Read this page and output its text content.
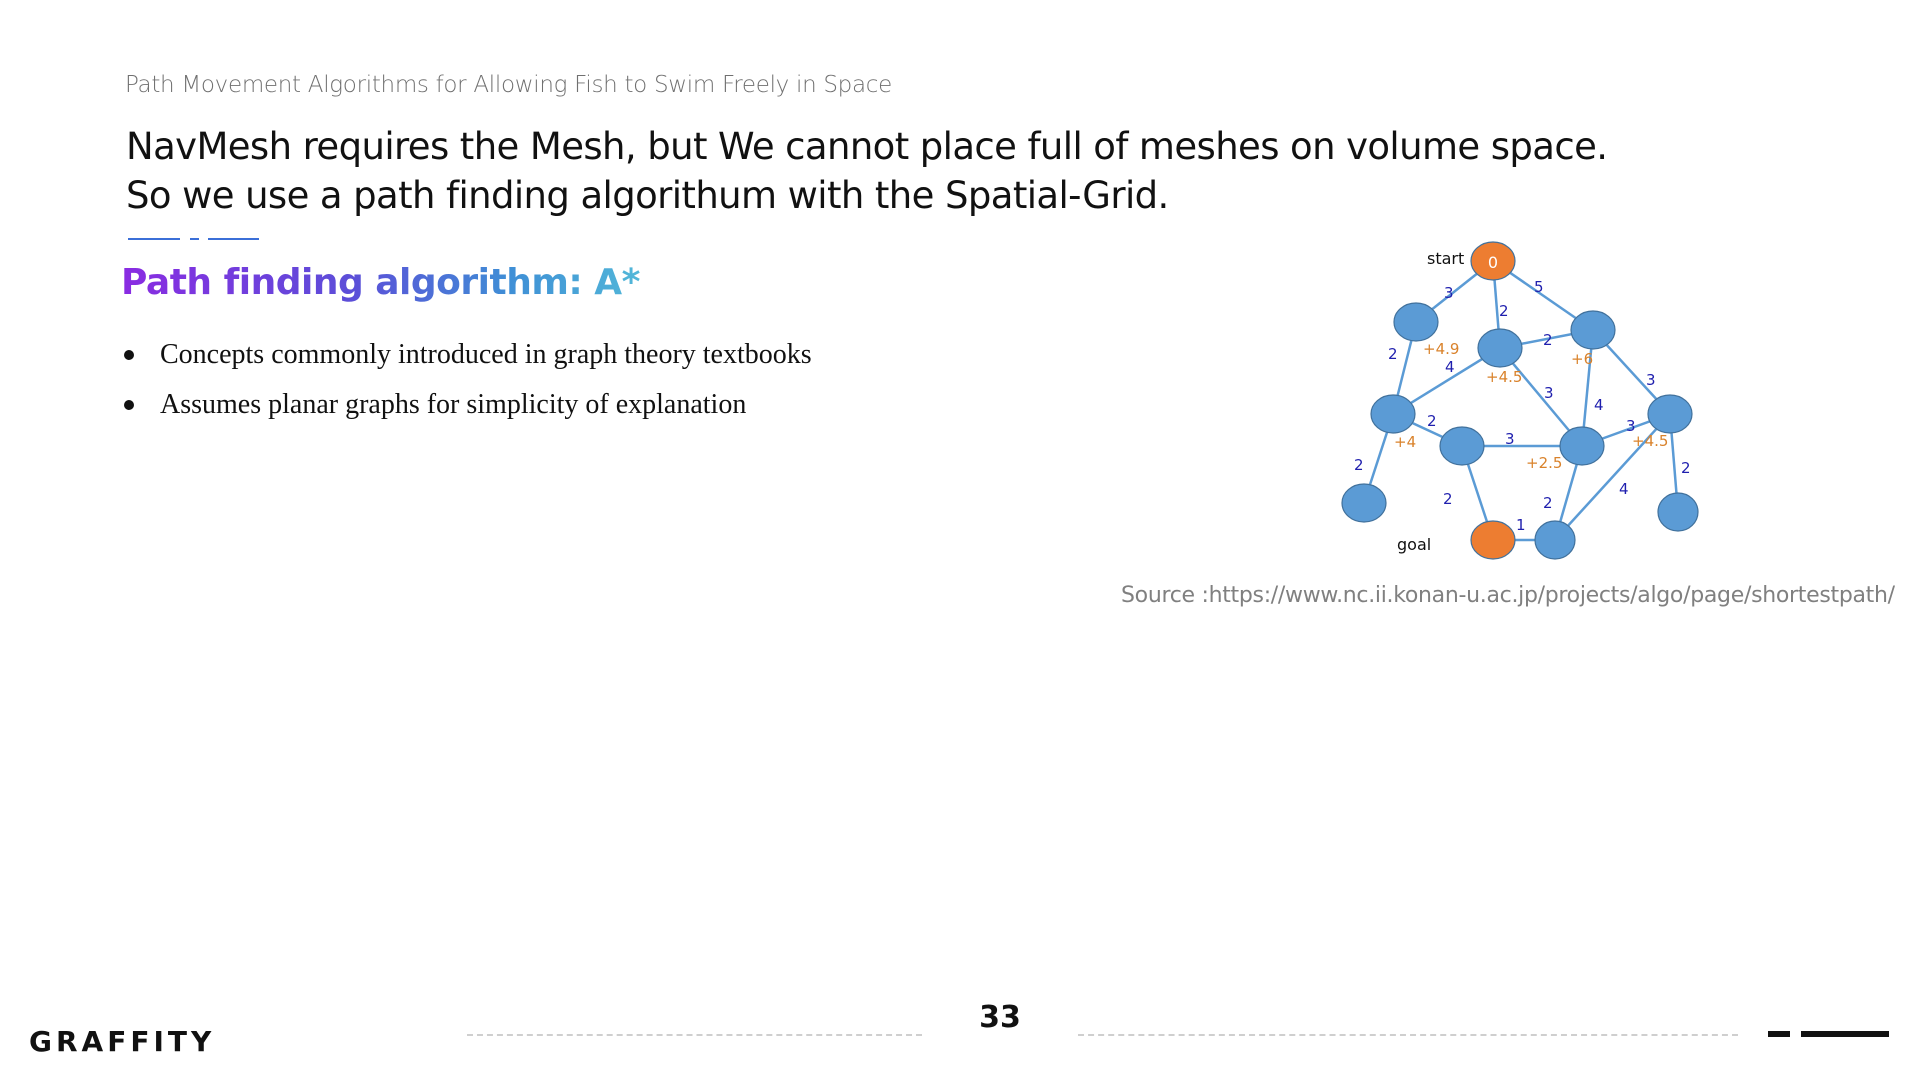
Path Movement Algorithms for Allowing Fish to Swim Freely in Space
NavMesh requires the Mesh, but We cannot place full of meshes on volume space.
So we use a path finding algorithum with the Spatial-Grid.
Path finding algorithm: A*
Concepts commonly introduced in graph theory textbooks
Assumes planar graphs for simplicity of explanation
0
start
goal
3
2
5
2
2
4
3
3
4
2
2
3
3
2	2
1
2
4
+4.9
+4.5
+6
+4
+2.5
+4.5
Source :https://www.nc.ii.konan-u.ac.jp/projects/algo/page/shortestpath/
GRAFFITY
33
